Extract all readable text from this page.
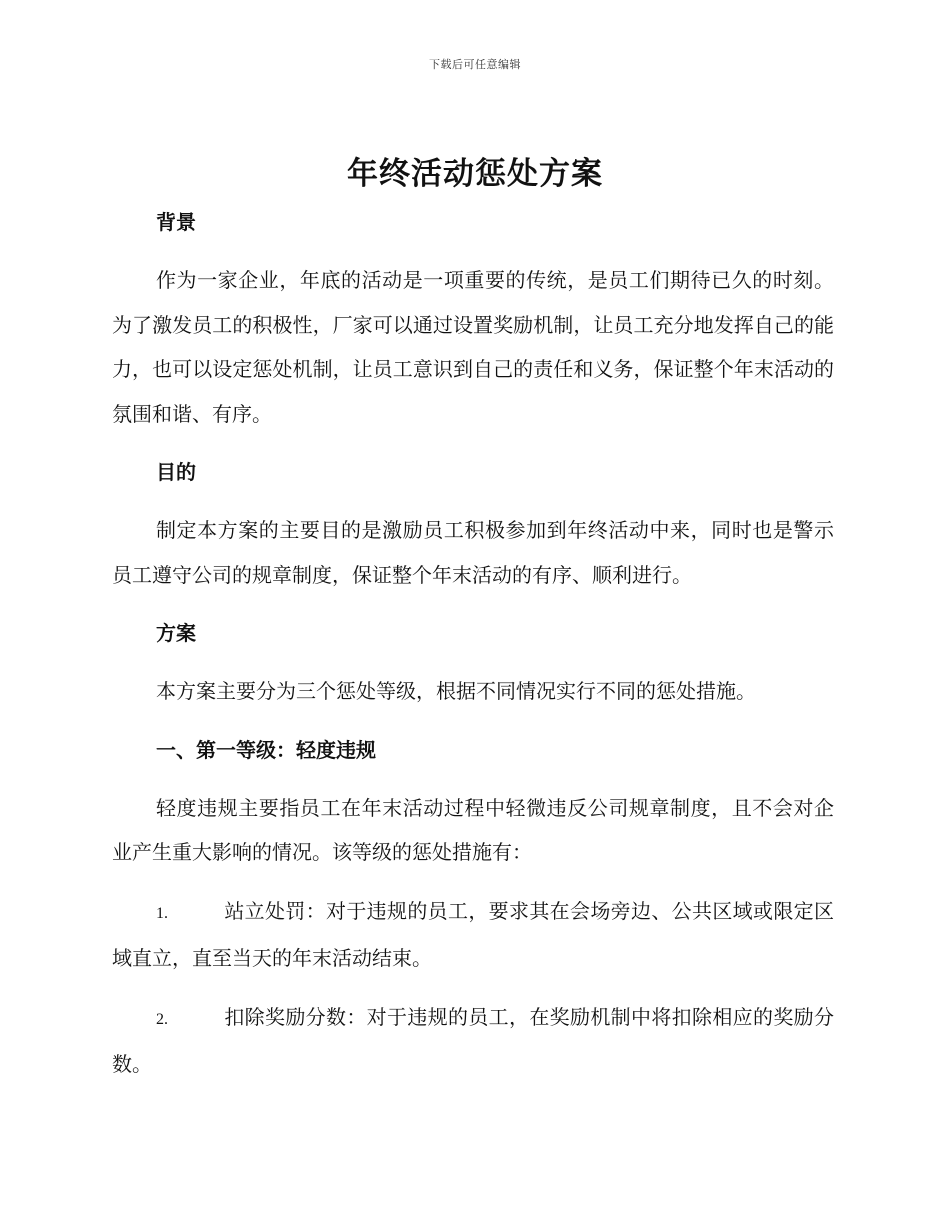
下载后可任意编辑
年终活动惩处方案
背景

作为一家企业，年底的活动是一项重要的传统，是员工们期待已久的时刻。为了激发员工的积极性，厂家可以通过设置奖励机制，让员工充分地发挥自己的能力，也可以设定惩处机制，让员工意识到自己的责任和义务，保证整个年末活动的氛围和谐、有序。

目的

制定本方案的主要目的是激励员工积极参加到年终活动中来，同时也是警示员工遵守公司的规章制度，保证整个年末活动的有序、顺利进行。

方案

本方案主要分为三个惩处等级，根据不同情况实行不同的惩处措施。

一、第一等级：轻度违规

轻度违规主要指员工在年末活动过程中轻微违反公司规章制度，且不会对企业产生重大影响的情况。该等级的惩处措施有：

1.	站立处罚：对于违规的员工，要求其在会场旁边、公共区域或限定区域直立，直至当天的年末活动结束。

2.	扣除奖励分数：对于违规的员工，在奖励机制中将扣除相应的奖励分数。
